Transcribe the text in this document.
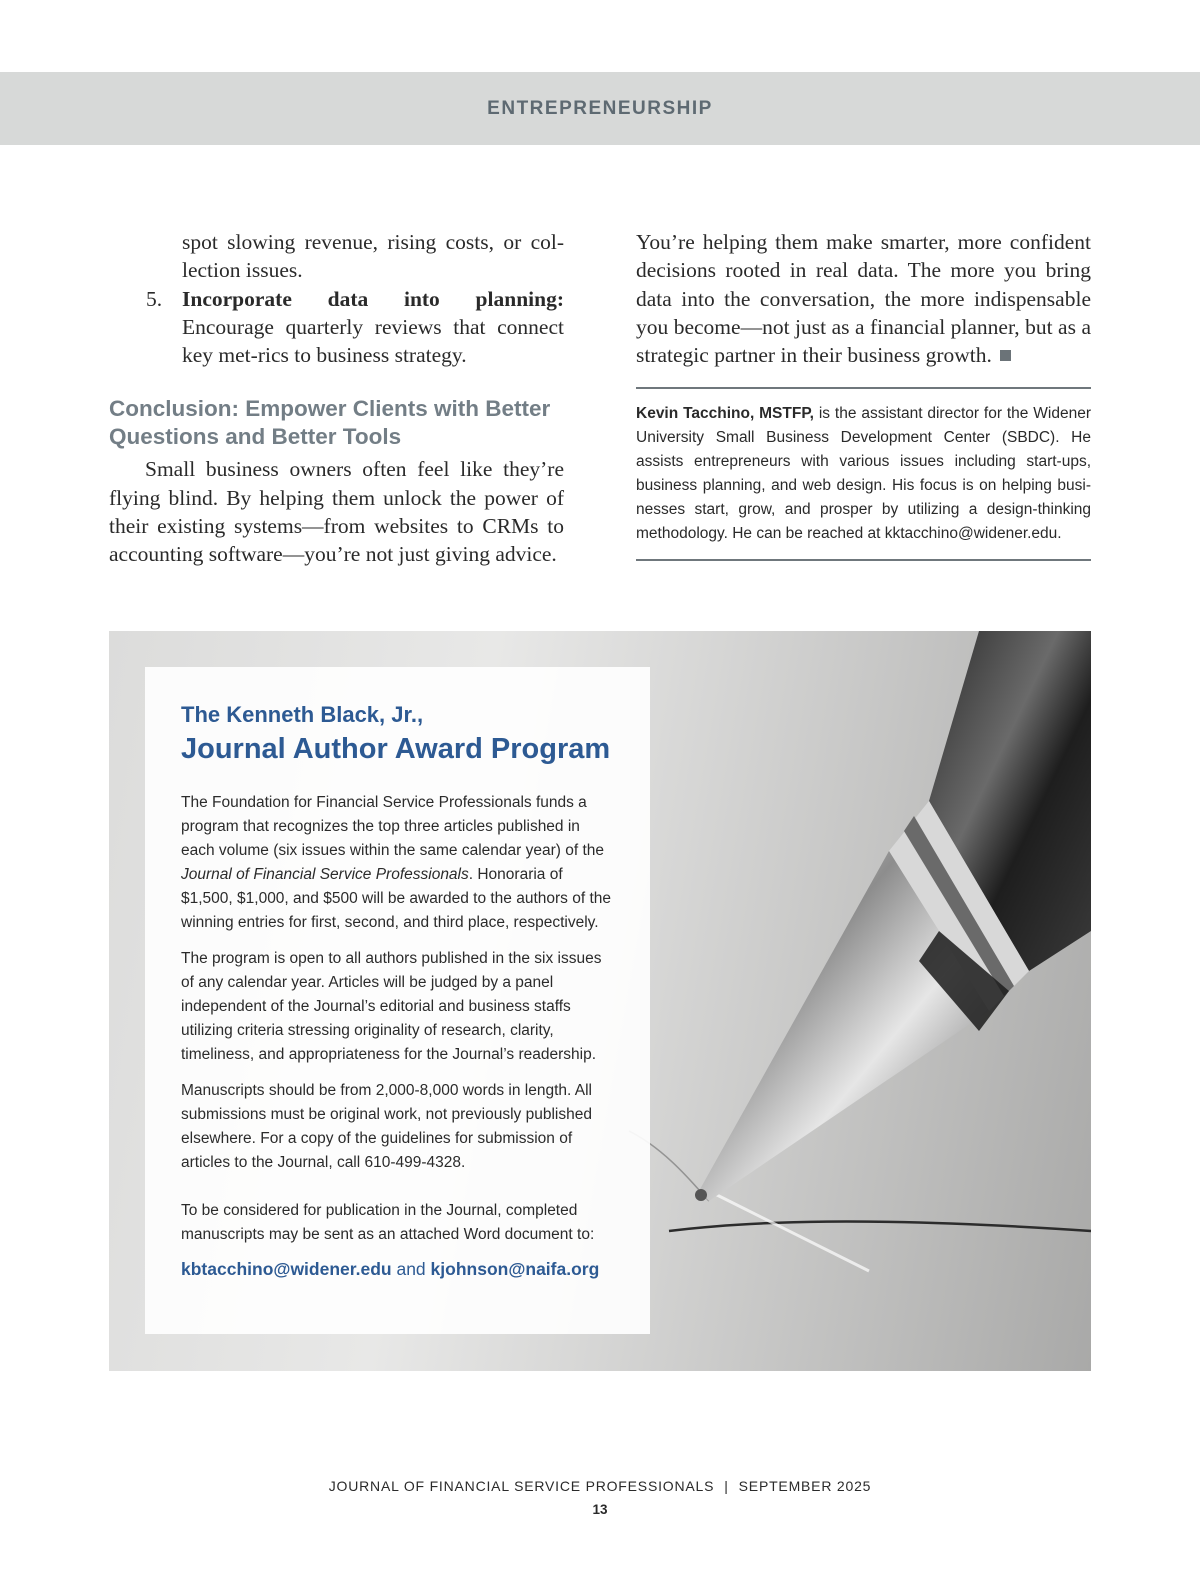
ENTREPRENEURSHIP
spot slowing revenue, rising costs, or col-lection issues.
5. Incorporate data into planning: Encourage quarterly reviews that connect key met-rics to business strategy.
Conclusion: Empower Clients with Better Questions and Better Tools

Small business owners often feel like they’re flying blind. By helping them unlock the power of their existing systems—from websites to CRMs to accounting software—you’re not just giving advice.

You’re helping them make smarter, more confident decisions rooted in real data. The more you bring data into the conversation, the more indispensable you become—not just as a financial planner, but as a strategic partner in their business growth.

Kevin Tacchino, MSTFP, is the assistant director for the Widener University Small Business Development Center (SBDC). He assists entrepreneurs with various issues including start-ups, business planning, and web design. His focus is on helping busi-nesses start, grow, and prosper by utilizing a design-thinking methodology. He can be reached at kktacchino@widener.edu.
The Kenneth Black, Jr.,
Journal Author Award Program

The Foundation for Financial Service Professionals funds a program that recognizes the top three articles published in each volume (six issues within the same calendar year) of the Journal of Financial Service Professionals. Honoraria of $1,500, $1,000, and $500 will be awarded to the authors of the winning entries for first, second, and third place, respectively.

The program is open to all authors published in the six issues of any calendar year. Articles will be judged by a panel independent of the Journal’s editorial and business staffs utilizing criteria stressing originality of research, clarity, timeliness, and appropriateness for the Journal’s readership.

Manuscripts should be from 2,000-8,000 words in length. All submissions must be original work, not previously published elsewhere. For a copy of the guidelines for submission of articles to the Journal, call 610-499-4328.

To be considered for publication in the Journal, completed manuscripts may be sent as an attached Word document to:

kbtacchino@widener.edu and kjohnson@naifa.org
JOURNAL OF FINANCIAL SERVICE PROFESSIONALS | SEPTEMBER 2025
13
